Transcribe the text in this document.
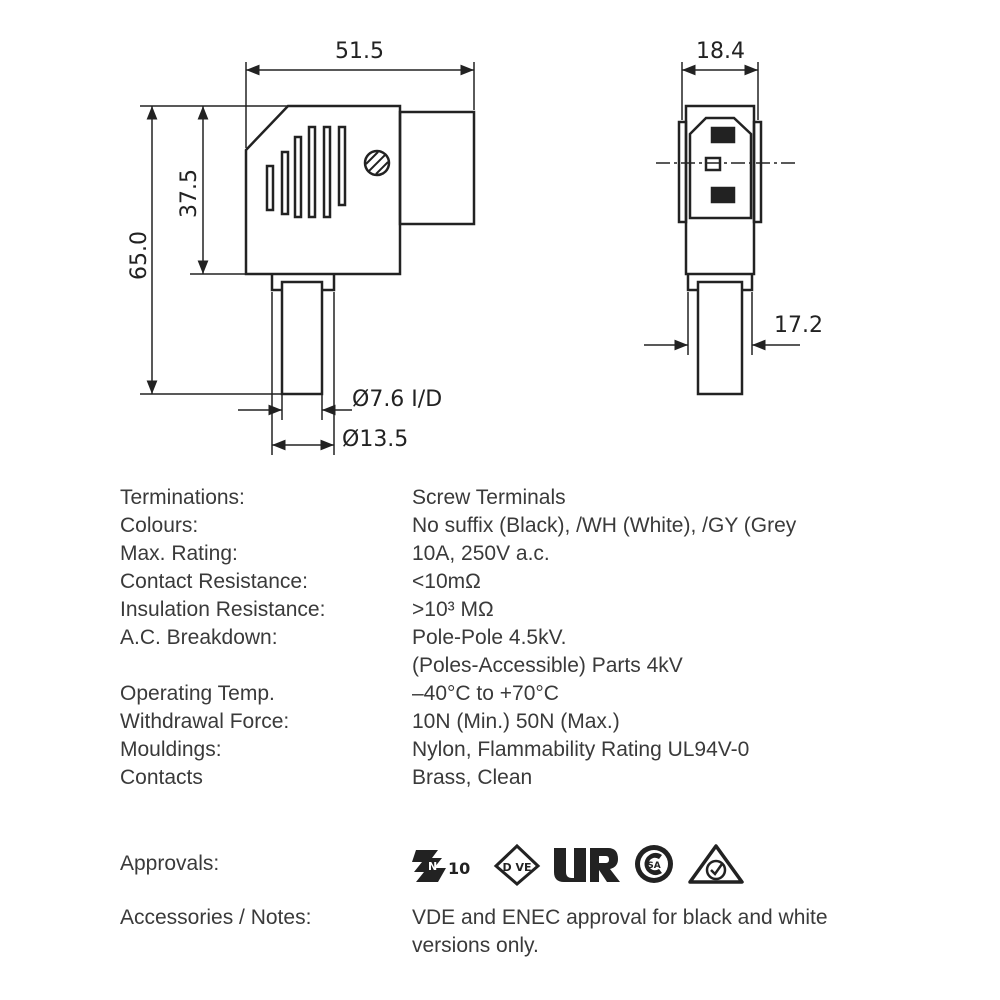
51.5	18.4
65.0
37.5
17.2
Ø7.6 I/D
Ø13.5
Terminations:	Screw Terminals
Colours:	No suffix (Black), /WH (White), /GY (Grey
Max. Rating:	10A, 250V a.c.
Contact Resistance:	<10mΩ
Insulation Resistance:	>10³ MΩ
A.C. Breakdown:	Pole-Pole 4.5kV.
(Poles-Accessible) Parts 4kV
Operating Temp.	–40°C to +70°C
Withdrawal Force:	10N (Min.) 50N (Max.)
Mouldings:	Nylon, Flammability Rating UL94V-0
Contacts	Brass, Clean
Approvals:	N 10	D VE	SA
Accessories / Notes:	VDE and ENEC approval for black and white versions only.
